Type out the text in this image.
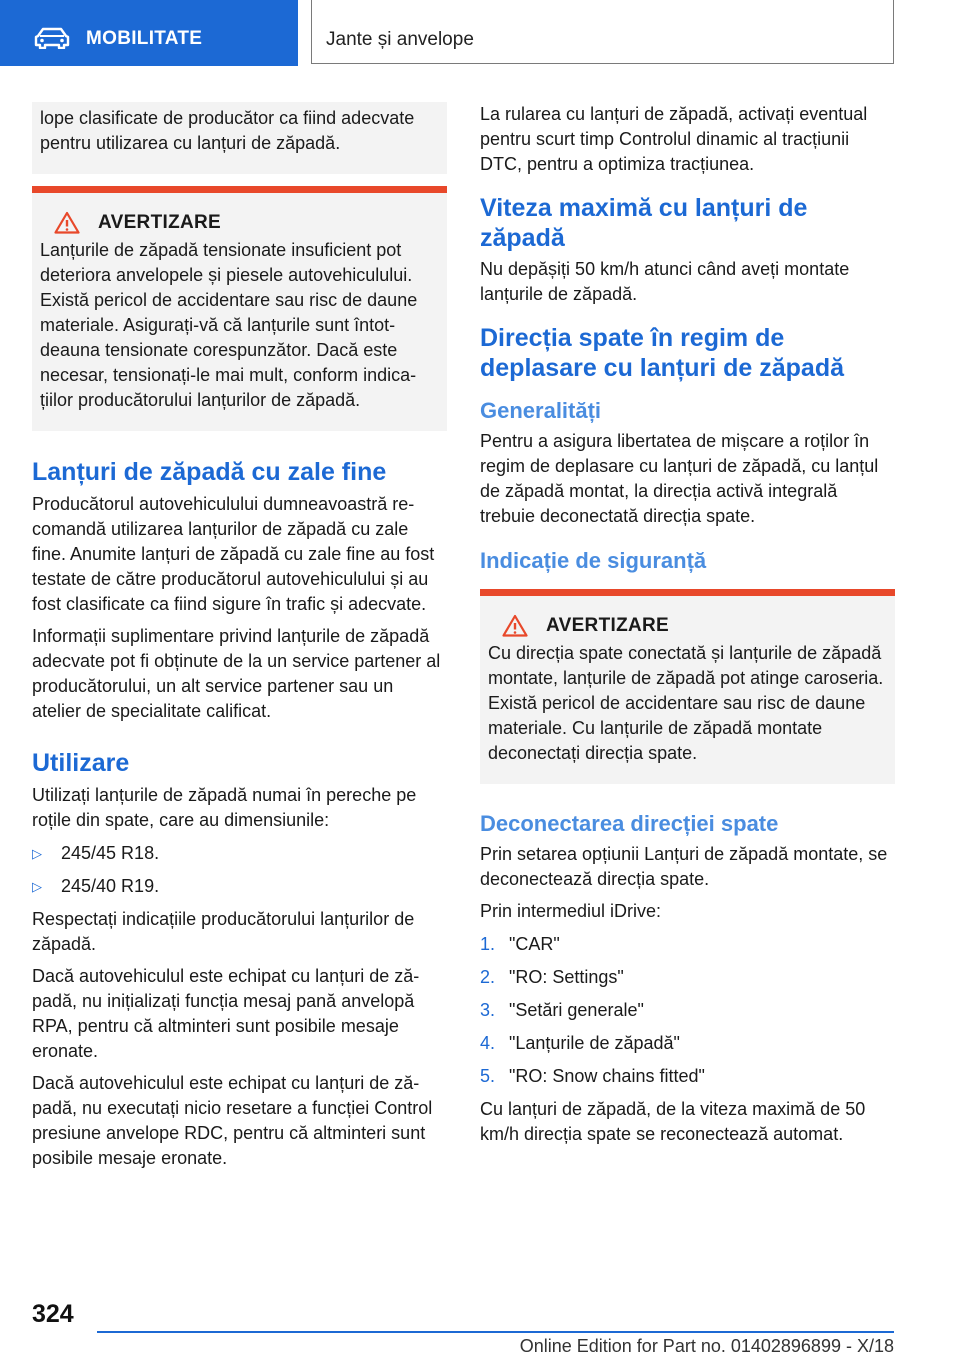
MOBILITATE	Jante și anvelope

lope clasificate de producător ca fiind adecvate pentru utilizarea cu lanțuri de zăpadă.

AVERTIZARE

Lanțurile de zăpadă tensionate insuficient pot deteriora anvelopele și piesele autovehiculului. Există pericol de accidentare sau risc de daune materiale. Asigurați-vă că lanțurile sunt întotdeauna tensionate corespunzător. Dacă este necesar, tensionați-le mai mult, conform indicațiilor producătorului lanțurilor de zăpadă.

Lanțuri de zăpadă cu zale fine

Producătorul autovehiculului dumneavoastră recomandă utilizarea lanțurilor de zăpadă cu zale fine. Anumite lanțuri de zăpadă cu zale fine au fost testate de către producătorul autovehiculului și au fost clasificate ca fiind sigure în trafic și adecvate.

Informații suplimentare privind lanțurile de zăpadă adecvate pot fi obținute de la un service partener al producătorului, un alt service partener sau un atelier de specialitate calificat.

Utilizare

Utilizați lanțurile de zăpadă numai în pereche pe roțile din spate, care au dimensiunile:

▷	245/45 R18.
▷	245/40 R19.

Respectați indicațiile producătorului lanțurilor de zăpadă.

Dacă autovehiculul este echipat cu lanțuri de zăpadă, nu inițializați funcția mesaj pană anvelopă RPA, pentru că altminteri sunt posibile mesaje eronate.

Dacă autovehiculul este echipat cu lanțuri de zăpadă, nu executați nicio resetare a funcției Control presiune anvelope RDC, pentru că altminteri sunt posibile mesaje eronate.

La rularea cu lanțuri de zăpadă, activați eventual pentru scurt timp Controlul dinamic al tracțiunii DTC, pentru a optimiza tracțiunea.

Viteza maximă cu lanțuri de zăpadă

Nu depășiți 50 km/h atunci când aveți montate lanțurile de zăpadă.

Direcția spate în regim de deplasare cu lanțuri de zăpadă
Generalități

Pentru a asigura libertatea de mișcare a roților în regim de deplasare cu lanțuri de zăpadă, cu lanțul de zăpadă montat, la direcția activă integrală trebuie deconectată direcția spate.

Indicație de siguranță
AVERTIZARE

Cu direcția spate conectată și lanțurile de zăpadă montate, lanțurile de zăpadă pot atinge caroseria. Există pericol de accidentare sau risc de daune materiale. Cu lanțurile de zăpadă montate deconectați direcția spate.

Deconectarea direcției spate

Prin setarea opțiunii Lanțuri de zăpadă montate, se deconectează direcția spate.

Prin intermediul iDrive:

1. "CAR"
2. "RO: Settings"
3. "Setări generale"
4. "Lanțurile de zăpadă"
5. "RO: Snow chains fitted"

Cu lanțuri de zăpadă, de la viteza maximă de 50 km/h direcția spate se reconectează automat.

324
Online Edition for Part no. 01402896899 - X/18
